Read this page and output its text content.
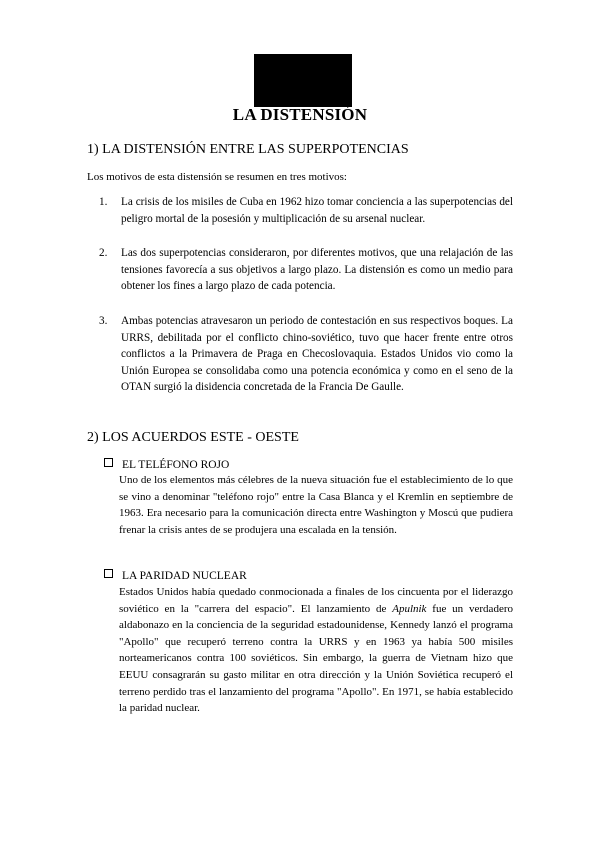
LA DISTENSIÓN
1) LA DISTENSIÓN ENTRE LAS SUPERPOTENCIAS
Los motivos de esta distensión se resumen en tres motivos:
1. La crisis de los misiles de Cuba en 1962 hizo tomar conciencia a las superpotencias del peligro mortal de la posesión y multiplicación de su arsenal nuclear.
2. Las dos superpotencias consideraron, por diferentes motivos, que una relajación de las tensiones favorecía a sus objetivos a largo plazo. La distensión es como un medio para obtener los fines a largo plazo de cada potencia.
3. Ambas potencias atravesaron un periodo de contestación en sus respectivos boques. La URRS, debilitada por el conflicto chino-soviético, tuvo que hacer frente entre otros conflictos a la Primavera de Praga en Checoslovaquia. Estados Unidos vio como la Unión Europea se consolidaba como una potencia económica y como en el seno de la OTAN surgió la disidencia concretada de la Francia De Gaulle.
2) LOS ACUERDOS ESTE - OESTE
EL TELÉFONO ROJO
Uno de los elementos más célebres de la nueva situación fue el establecimiento de lo que se vino a denominar "teléfono rojo" entre la Casa Blanca y el Kremlin en septiembre de 1963. Era necesario para la comunicación directa entre Washington y Moscú que pudiera frenar la crisis antes de se produjera una escalada en la tensión.
LA PARIDAD NUCLEAR
Estados Unidos había quedado conmocionada a finales de los cincuenta por el liderazgo soviético en la "carrera del espacio". El lanzamiento de Apulnik fue un verdadero aldabonazo en la conciencia de la seguridad estadounidense, Kennedy lanzó el programa "Apollo" que recuperó terreno contra la URRS y en 1963 ya había 500 misiles norteamericanos contra 100 soviéticos. Sin embargo, la guerra de Vietnam hizo que EEUU consagrarán su gasto militar en otra dirección y la Unión Soviética recuperó el terreno perdido tras el lanzamiento del programa "Apollo". En 1971, se había establecido la paridad nuclear.
